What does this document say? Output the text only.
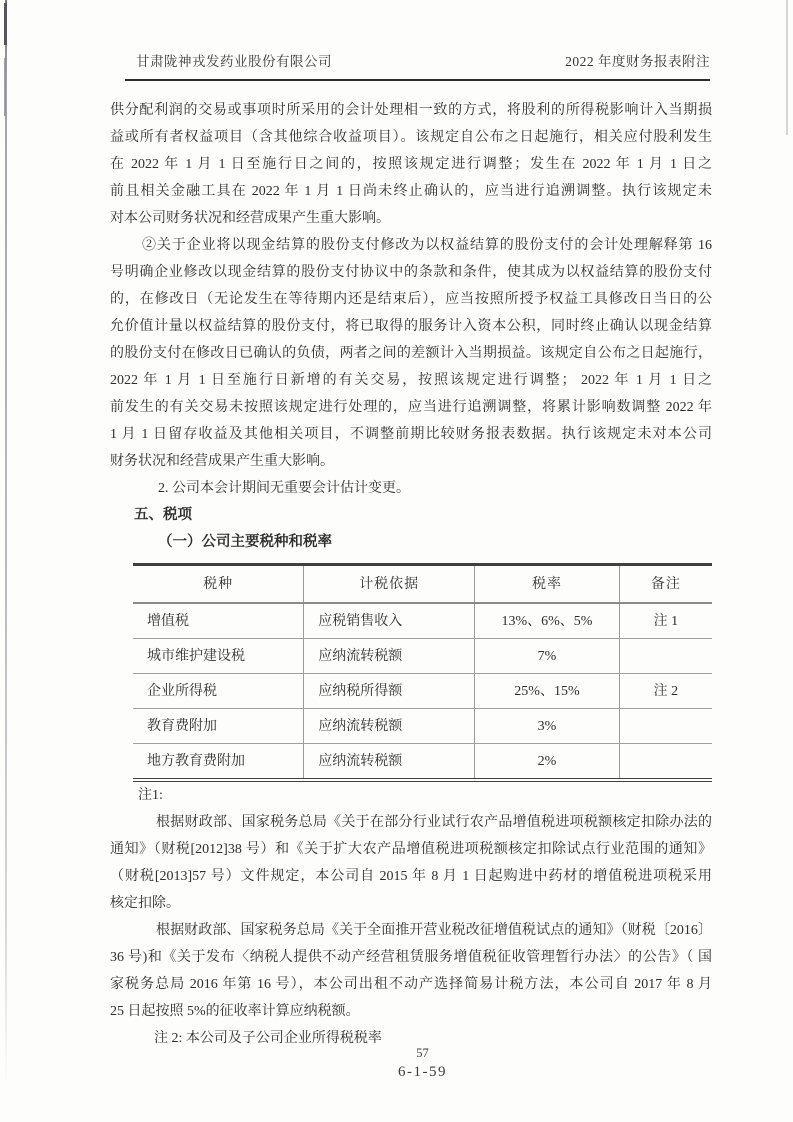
甘肃陇神戎发药业股份有限公司	2022 年度财务报表附注
供分配利润的交易或事项时所采用的会计处理相一致的方式，将股利的所得税影响计入当期损
益或所有者权益项目（含其他综合收益项目）。该规定自公布之日起施行，相关应付股利发生
在 2022 年 1 月 1 日至施行日之间的，按照该规定进行调整；发生在 2022 年 1 月 1 日之
前且相关金融工具在 2022 年 1 月 1 日尚未终止确认的，应当进行追溯调整。执行该规定未
对本公司财务状况和经营成果产生重大影响。
②关于企业将以现金结算的股份支付修改为以权益结算的股份支付的会计处理解释第 16
号明确企业修改以现金结算的股份支付协议中的条款和条件，使其成为以权益结算的股份支付
的，在修改日（无论发生在等待期内还是结束后），应当按照所授予权益工具修改日当日的公
允价值计量以权益结算的股份支付，将已取得的服务计入资本公积，同时终止确认以现金结算
的股份支付在修改日已确认的负债，两者之间的差额计入当期损益。该规定自公布之日起施行，
2022 年 1 月 1 日至施行日新增的有关交易，按照该规定进行调整； 2022 年 1 月 1 日之
前发生的有关交易未按照该规定进行处理的，应当进行追溯调整，将累计影响数调整 2022 年
1 月 1 日留存收益及其他相关项目，不调整前期比较财务报表数据。执行该规定未对本公司
财务状况和经营成果产生重大影响。
2. 公司本会计期间无重要会计估计变更。
五、税项
（一）公司主要税种和税率
税种	计税依据	税率	备注
增值税	应税销售收入	13%、6%、5%	注 1
城市维护建设税	应纳流转税额	7%	
企业所得税	应纳税所得额	25%、15%	注 2
教育费附加	应纳流转税额	3%	
地方教育费附加	应纳流转税额	2%	
注1:
根据财政部、国家税务总局《关于在部分行业试行农产品增值税进项税额核定扣除办法的
通知》（财税[2012]38 号）和《关于扩大农产品增值税进项税额核定扣除试点行业范围的通知》
（财税[2013]57 号）文件规定，本公司自 2015 年 8 月 1 日起购进中药材的增值税进项税采用
核定扣除。
根据财政部、国家税务总局《关于全面推开营业税改征增值税试点的通知》（财税〔2016〕
36 号)和《关于发布〈纳税人提供不动产经营租赁服务增值税征收管理暂行办法〉的公告》（ 国
家税务总局 2016 年第 16 号），本公司出租不动产选择简易计税方法，本公司自 2017 年 8 月
25 日起按照 5%的征收率计算应纳税额。
注 2: 本公司及子公司企业所得税税率
57
6-1-59
